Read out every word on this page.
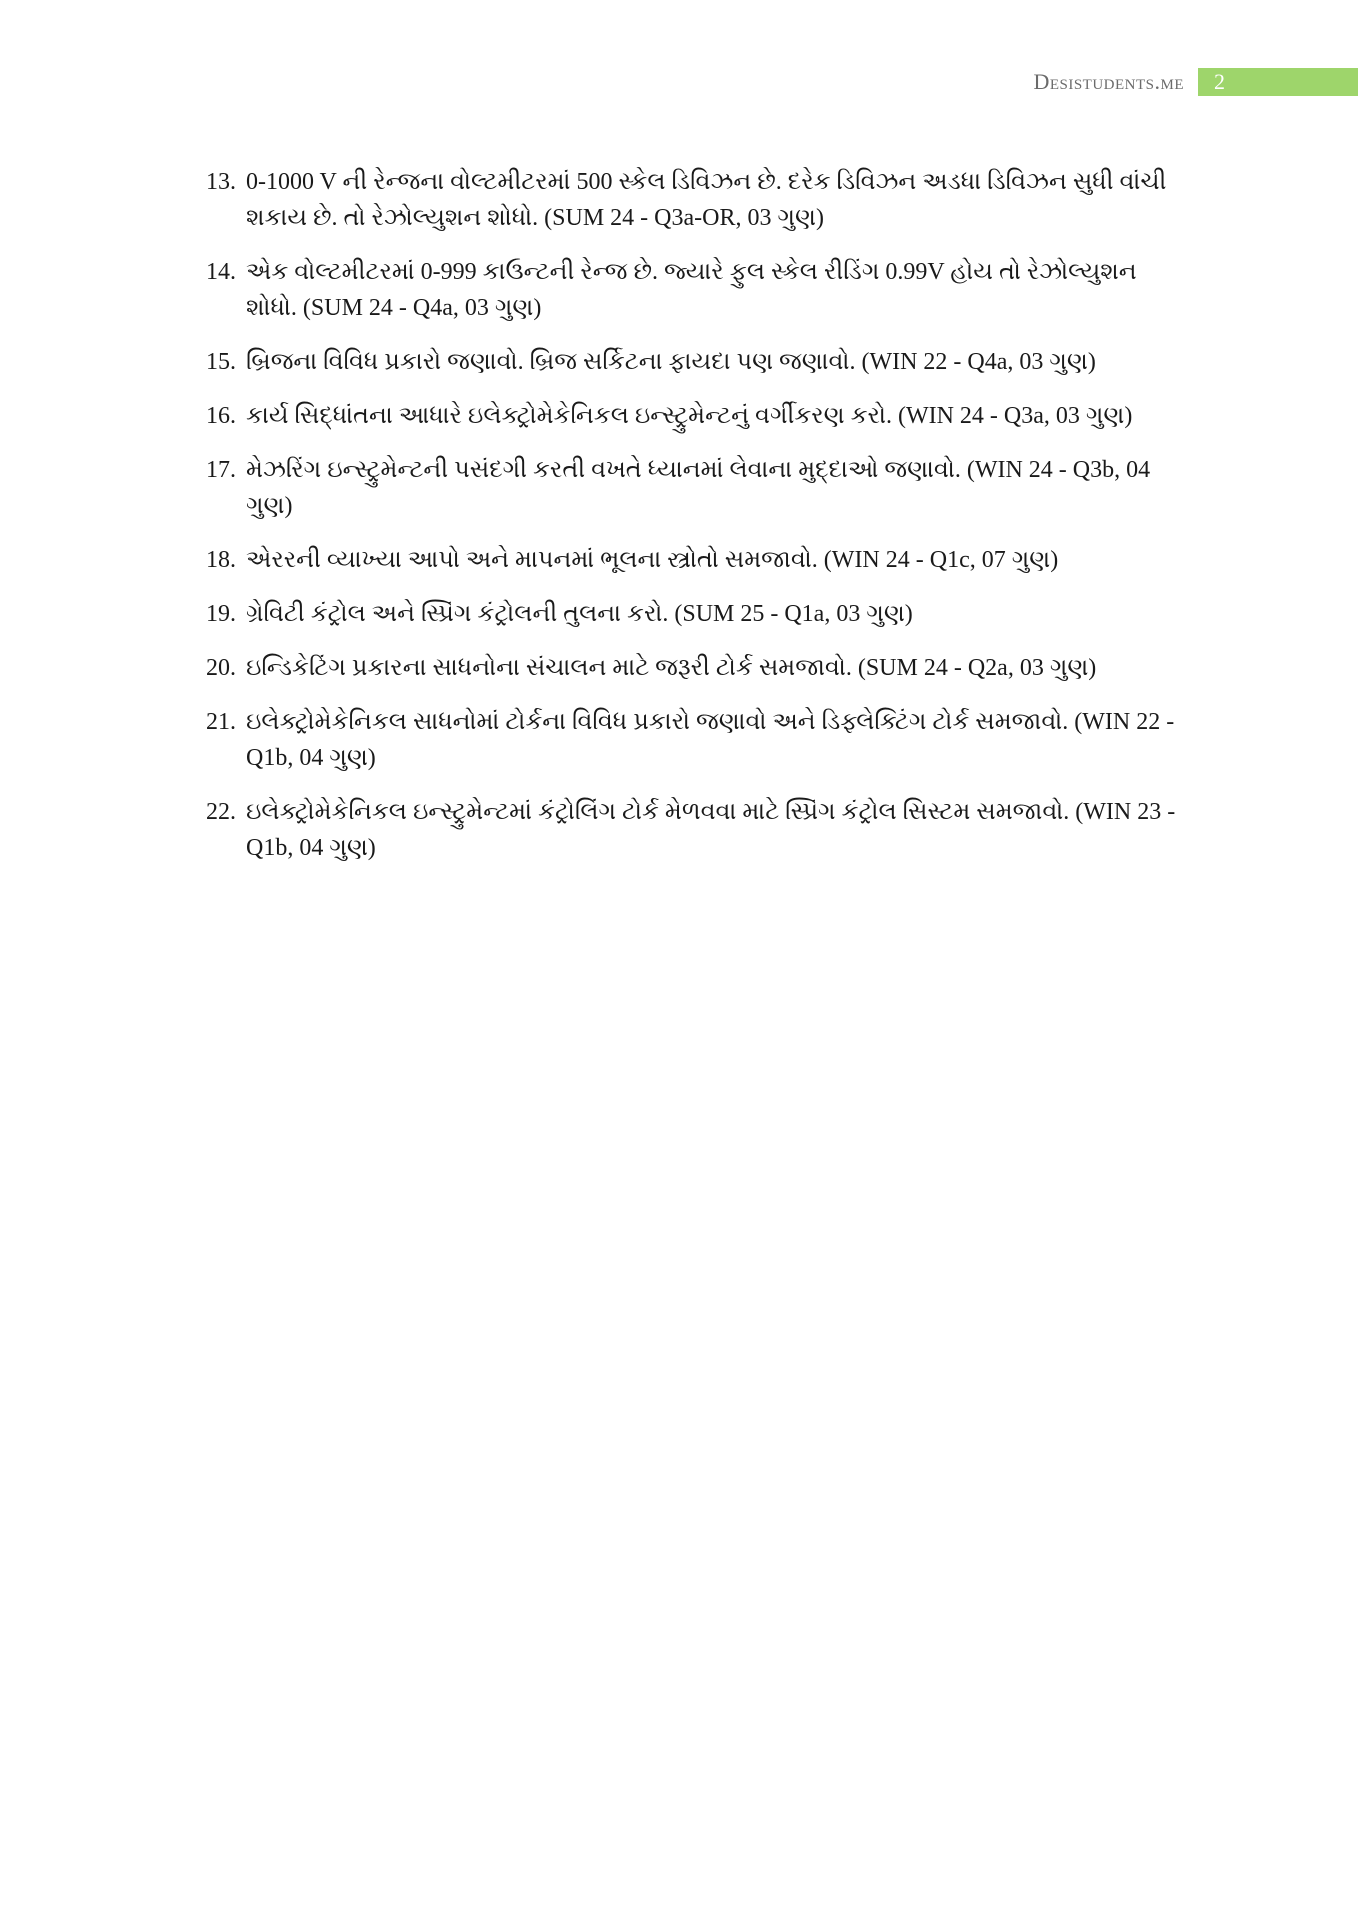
Desistudents.me	2
13. 0-1000 V ની રેન્જના વોલ્ટમીટરમાં 500 સ્કેલ ડિવિઝન છે. દરેક ડિવિઝન અડધા ડિવિઝન સુધી વાંચી શકાય છે. તો રેઝોલ્યુશન શોધો. (SUM 24 - Q3a-OR, 03 ગુણ)
14. એક વોલ્ટમીટરમાં 0-999 કાઉન્ટની રેન્જ છે. જ્યારે ફુલ સ્કેલ રીડિંગ 0.99V હોય તો રેઝોલ્યુશન શોધો. (SUM 24 - Q4a, 03 ગુણ)
15. બ્રિજના વિવિધ પ્રકારો જણાવો. બ્રિજ સર્કિટના ફાયદા પણ જણાવો. (WIN 22 - Q4a, 03 ગુણ)
16. કાર્ય સિદ્ધાંતના આધારે ઇલેક્ટ્રોમેકેનિકલ ઇન્સ્ટ્રુમેન્ટનું વર્ગીકરણ કરો. (WIN 24 - Q3a, 03 ગુણ)
17. મેઝરિંગ ઇન્સ્ટ્રુમેન્ટની પસંદગી કરતી વખતે ધ્યાનમાં લેવાના મુદ્દાઓ જણાવો. (WIN 24 - Q3b, 04 ગુણ)
18. એરરની વ્યાખ્યા આપો અને માપનમાં ભૂલના સ્ત્રોતો સમજાવો. (WIN 24 - Q1c, 07 ગુણ)
19. ગ્રેવિટી કંટ્રોલ અને સ્પ્રિંગ કંટ્રોલની તુલના કરો. (SUM 25 - Q1a, 03 ગુણ)
20. ઇન્ડિકેટિંગ પ્રકારના સાધનોના સંચાલન માટે જરૂરી ટોર્ક સમજાવો. (SUM 24 - Q2a, 03 ગુણ)
21. ઇલેક્ટ્રોમેકેનિકલ સાધનોમાં ટોર્કના વિવિધ પ્રકારો જણાવો અને ડિફ્લેક્ટિંગ ટોર્ક સમજાવો. (WIN 22 - Q1b, 04 ગુણ)
22. ઇલેક્ટ્રોમેકેનિકલ ઇન્સ્ટ્રુમેન્ટમાં કંટ્રોલિંગ ટોર્ક મેળવવા માટે સ્પ્રિંગ કંટ્રોલ સિસ્ટમ સમજાવો. (WIN 23 - Q1b, 04 ગુણ)
